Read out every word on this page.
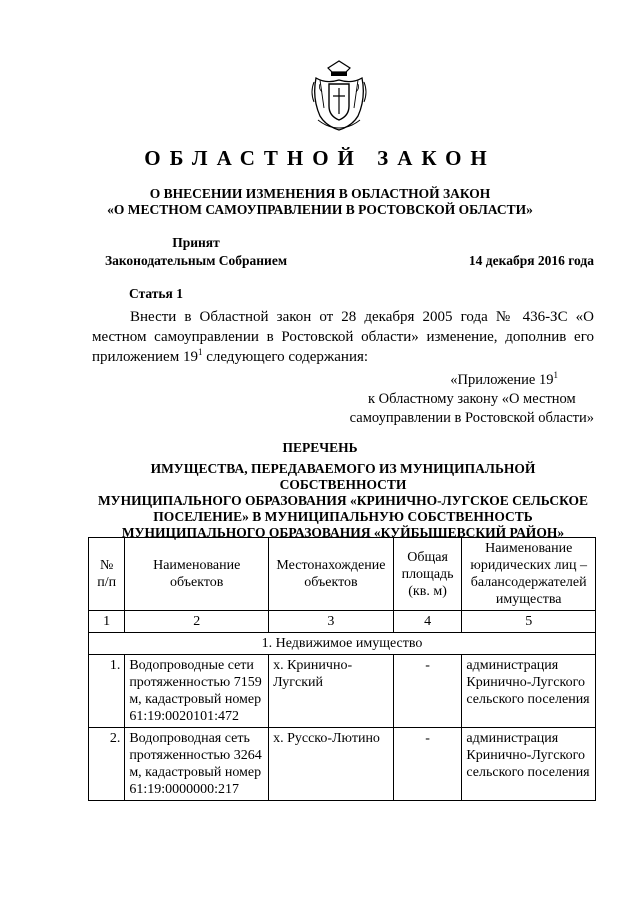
ОБЛАСТНОЙ ЗАКОН
О ВНЕСЕНИИ ИЗМЕНЕНИЯ В ОБЛАСТНОЙ ЗАКОН
«О МЕСТНОМ САМОУПРАВЛЕНИИ В РОСТОВСКОЙ ОБЛАСТИ»
Принят
Законодательным Собранием	14 декабря 2016 года
Статья 1
Внести в Областной закон от 28 декабря 2005 года № 436-ЗС «О местном самоуправлении в Ростовской области» изменение, дополнив его приложением $19^1$ следующего содержания:
«Приложение $19^1$
к Областному закону «О местном
самоуправлении в Ростовской области»
ПЕРЕЧЕНЬ
ИМУЩЕСТВА, ПЕРЕДАВАЕМОГО ИЗ МУНИЦИПАЛЬНОЙ СОБСТВЕННОСТИ
МУНИЦИПАЛЬНОГО ОБРАЗОВАНИЯ «КРИНИЧНО-ЛУГСКОЕ СЕЛЬСКОЕ
ПОСЕЛЕНИЕ» В МУНИЦИПАЛЬНУЮ СОБСТВЕННОСТЬ
МУНИЦИПАЛЬНОГО ОБРАЗОВАНИЯ «КУЙБЫШЕВСКИЙ РАЙОН»
№ п/п	Наименование объектов	Местонахождение объектов	Общая площадь (кв. м)	Наименование юридических лиц – балансодержателей имущества
1	2	3	4	5
1. Недвижимое имущество				
1.	Водопроводные сети протяженностью 7159 м, кадастровый номер 61:19:0020101:472	х. Кринично-Лугский	-	администрация Кринично-Лугского сельского поселения
2.	Водопроводная сеть протяженностью 3264 м, кадастровый номер 61:19:0000000:217	х. Русско-Лютино	-	администрация Кринично-Лугского сельского поселения
